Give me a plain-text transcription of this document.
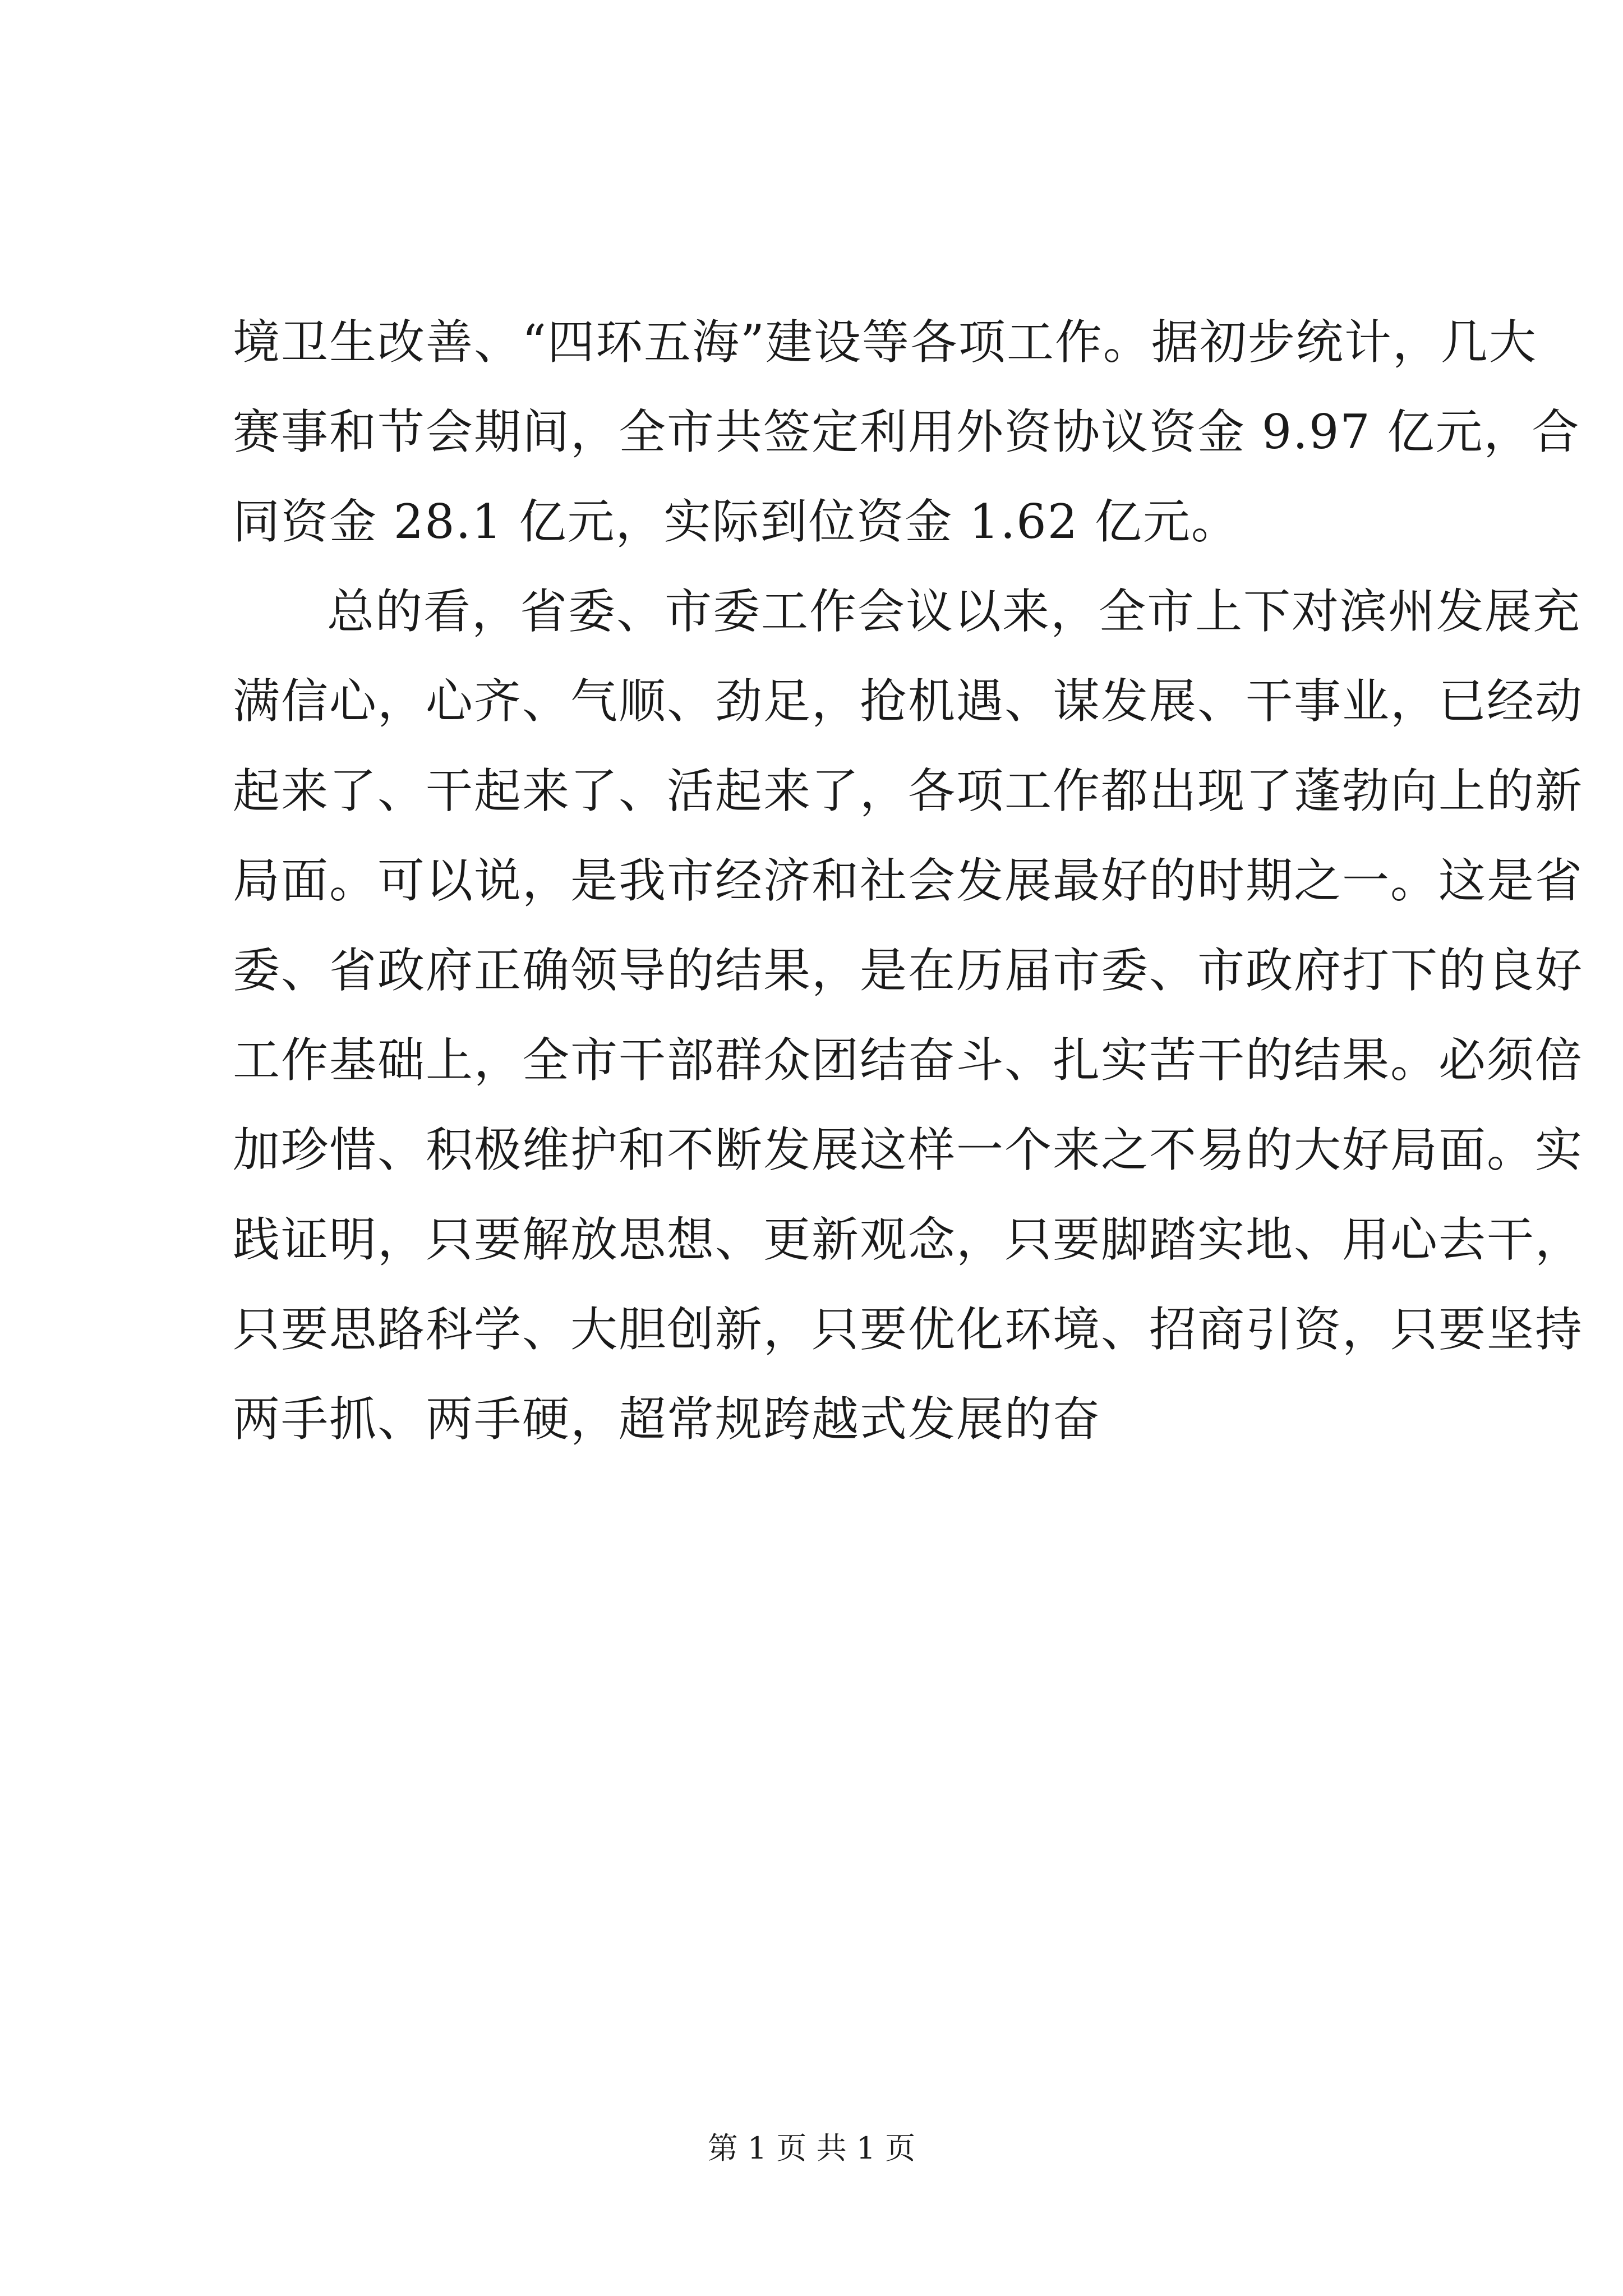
境卫生改善、“四环五海”建设等各项工作。据初步统计，几大
赛事和节会期间，全市共签定利用外资协议资金 9.97 亿元，合
同资金 28.1 亿元，实际到位资金 1.62 亿元。
总的看，省委、市委工作会议以来，全市上下对滨州发展充
满信心，心齐、气顺、劲足，抢机遇、谋发展、干事业，已经动
起来了、干起来了、活起来了，各项工作都出现了蓬勃向上的新
局面。可以说，是我市经济和社会发展最好的时期之一。这是省
委、省政府正确领导的结果，是在历届市委、市政府打下的良好
工作基础上，全市干部群众团结奋斗、扎实苦干的结果。必须倍
加珍惜、积极维护和不断发展这样一个来之不易的大好局面。实
践证明，只要解放思想、更新观念，只要脚踏实地、用心去干，
只要思路科学、大胆创新，只要优化环境、招商引资，只要坚持
两手抓、两手硬，超常规跨越式发展的奋
第 1 页 共 1 页
